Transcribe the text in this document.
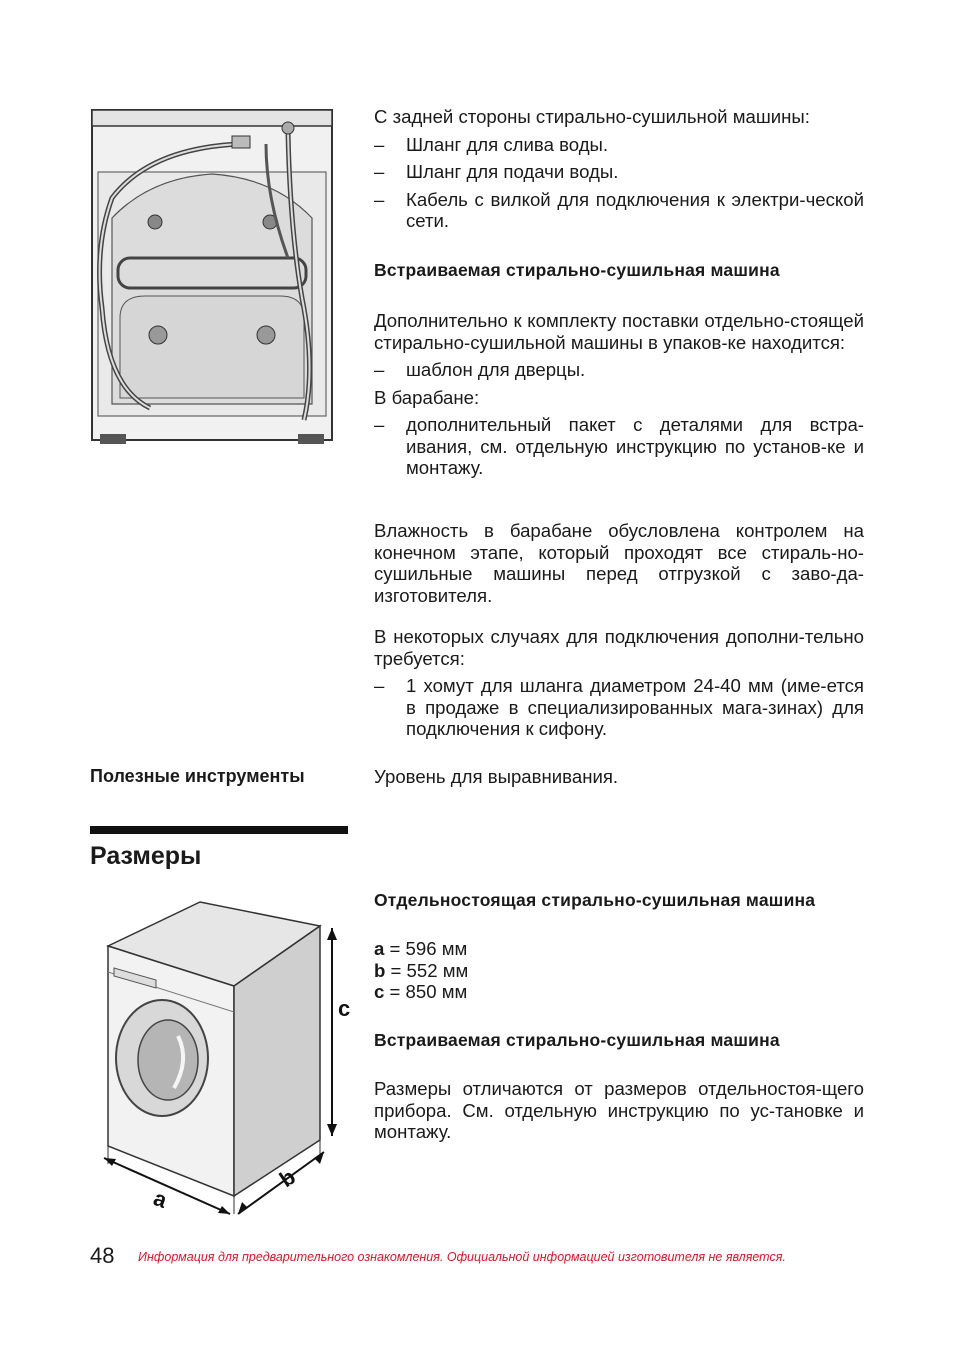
С задней стороны стирально-сушильной машины:

– Шланг для слива воды.
– Шланг для подачи воды.
– Кабель с вилкой для подключения к электри-ческой сети.
Встраиваемая стирально-сушильная машина

Дополнительно к комплекту поставки отдельно-стоящей стирально-сушильной машины в упаков-ке находится:

– шаблон для дверцы.

В барабане:

– дополнительный пакет с деталями для встра-ивания, см. отдельную инструкцию по установ-ке и монтажу.

Влажность в барабане обусловлена контролем на конечном этапе, который проходят все стираль-но-сушильные машины перед отгрузкой с заво-да-изготовителя.

В некоторых случаях для подключения дополни-тельно требуется:

– 1 хомут для шланга диаметром 24-40 мм (име-ется в продаже в специализированных мага-зинах) для подключения к сифону.
Полезные инструменты	Уровень для выравнивания.
Размеры
Отдельностоящая стирально-сушильная машина
a = 596 мм
b = 552 мм
c = 850 мм
Встраиваемая стирально-сушильная машина

Размеры отличаются от размеров отдельностоя-щего прибора. См. отдельную инструкцию по ус-тановке и монтажу.

a
b
c
48 Информация для предварительного ознакомления. Официальной информацией изготовителя не является.
